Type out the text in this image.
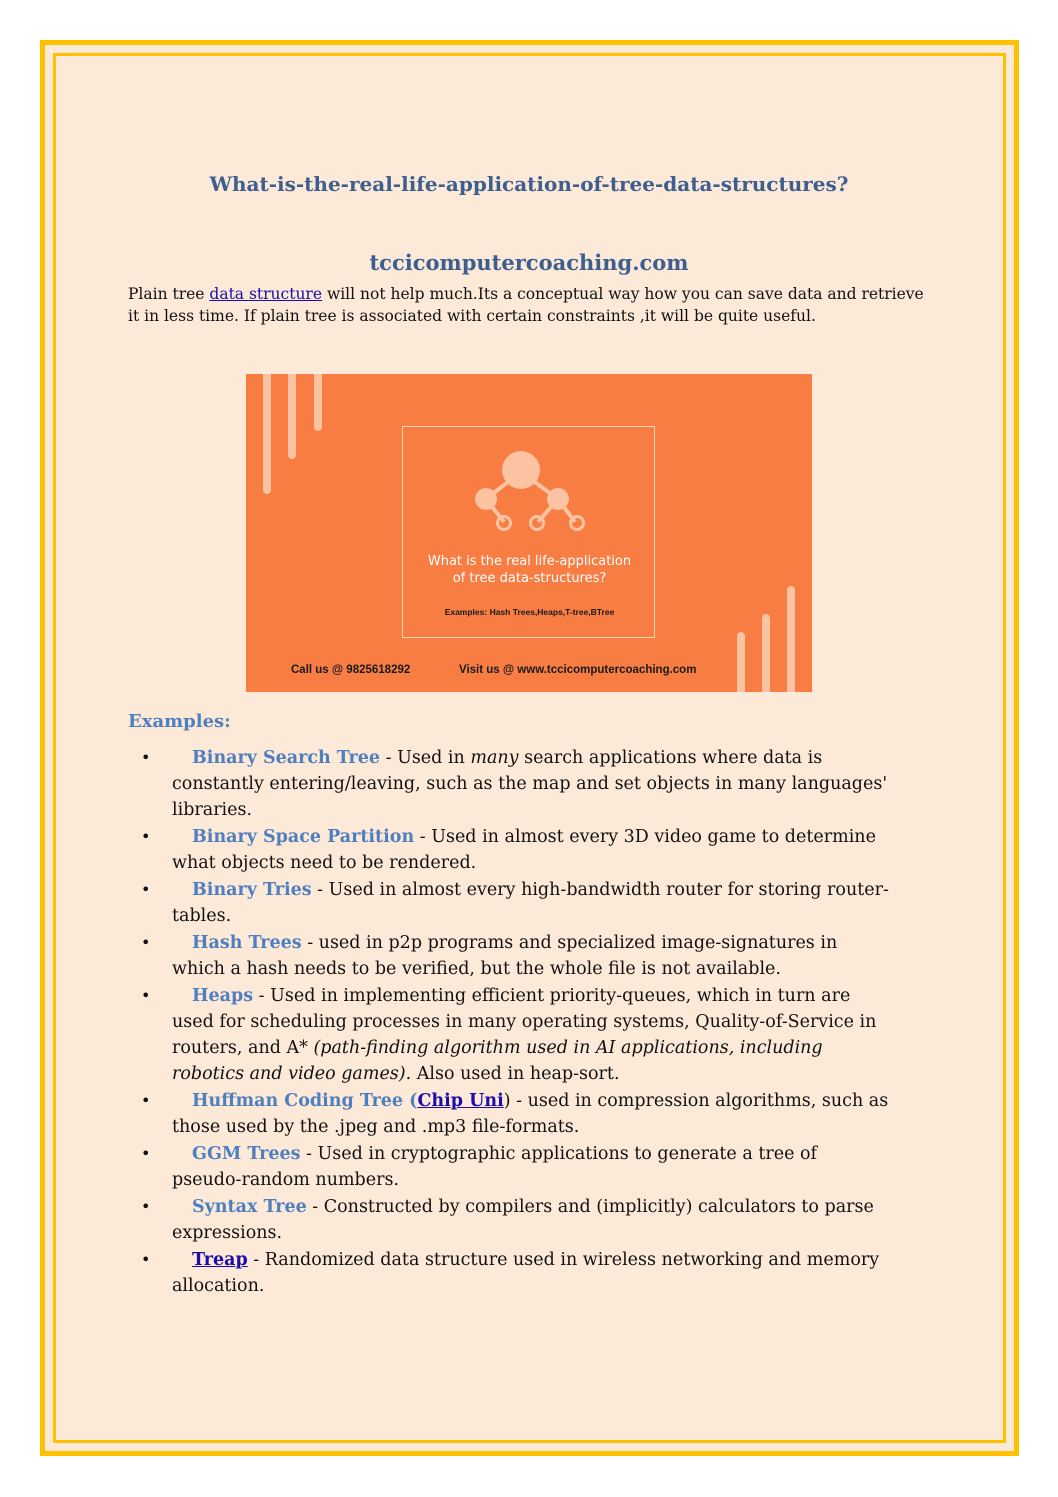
What-is-the-real-life-application-of-tree-data-structures?
tccicomputercoaching.com

Plain tree data structure will not help much.Its a conceptual way how you can save data and retrieve it in less time. If plain tree is associated with certain constraints ,it will be quite useful.

What is the real life-application
of tree data-structures?
Examples: Hash Trees,Heaps,T-tree,BTree
Call us @ 9825618292	Visit us @ www.tccicomputercoaching.com
Examples:
• Binary Search Tree - Used in many search applications where data is constantly entering/leaving, such as the map and set objects in many languages' libraries.
• Binary Space Partition - Used in almost every 3D video game to determine what objects need to be rendered.
• Binary Tries - Used in almost every high-bandwidth router for storing router-tables.
• Hash Trees - used in p2p programs and specialized image-signatures in which a hash needs to be verified, but the whole file is not available.
• Heaps - Used in implementing efficient priority-queues, which in turn are used for scheduling processes in many operating systems, Quality-of-Service in routers, and A* (path-finding algorithm used in AI applications, including robotics and video games). Also used in heap-sort.
• Huffman Coding Tree (Chip Uni) - used in compression algorithms, such as those used by the .jpeg and .mp3 file-formats.
• GGM Trees - Used in cryptographic applications to generate a tree of pseudo-random numbers.
• Syntax Tree - Constructed by compilers and (implicitly) calculators to parse expressions.
• Treap - Randomized data structure used in wireless networking and memory allocation.
